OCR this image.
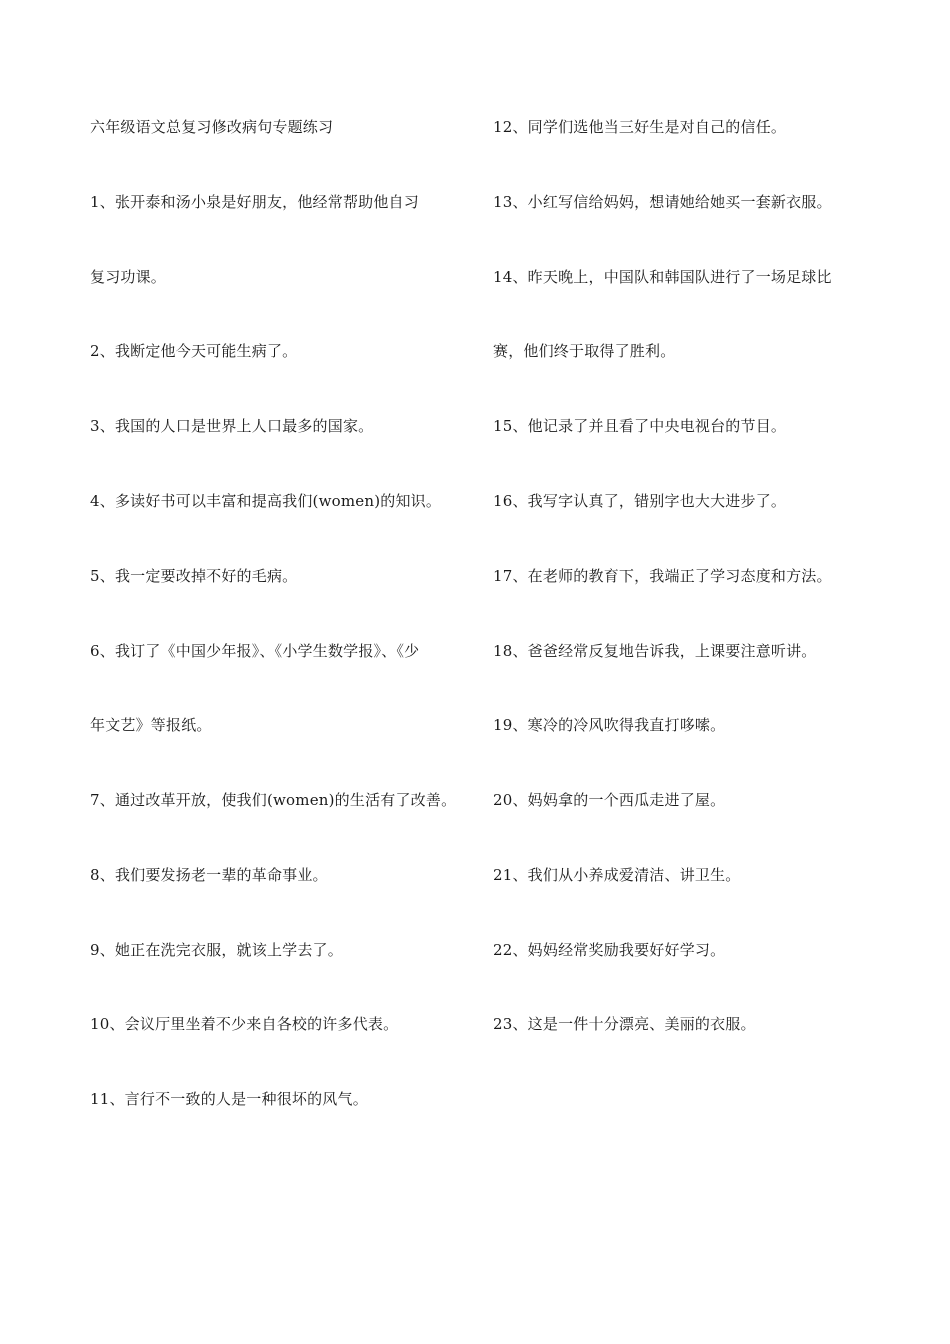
六年级语文总复习修改病句专题练习
1、张开泰和汤小泉是好朋友，他经常帮助他自习
复习功课。
2、我断定他今天可能生病了。
3、我国的人口是世界上人口最多的国家。
4、多读好书可以丰富和提高我们(women)的知识。
5、我一定要改掉不好的毛病。
6、我订了《中国少年报》、《小学生数学报》、《少
年文艺》等报纸。
7、通过改革开放，使我们(women)的生活有了改善。
8、我们要发扬老一辈的革命事业。
9、她正在洗完衣服，就该上学去了。
10、会议厅里坐着不少来自各校的许多代表。
11、言行不一致的人是一种很坏的风气。
12、同学们选他当三好生是对自己的信任。
13、小红写信给妈妈，想请她给她买一套新衣服。
14、昨天晚上，中国队和韩国队进行了一场足球比
赛，他们终于取得了胜利。
15、他记录了并且看了中央电视台的节目。
16、我写字认真了，错别字也大大进步了。
17、在老师的教育下，我端正了学习态度和方法。
18、爸爸经常反复地告诉我，上课要注意听讲。
19、寒冷的冷风吹得我直打哆嗦。
20、妈妈拿的一个西瓜走进了屋。
21、我们从小养成爱清洁、讲卫生。
22、妈妈经常奖励我要好好学习。
23、这是一件十分漂亮、美丽的衣服。
